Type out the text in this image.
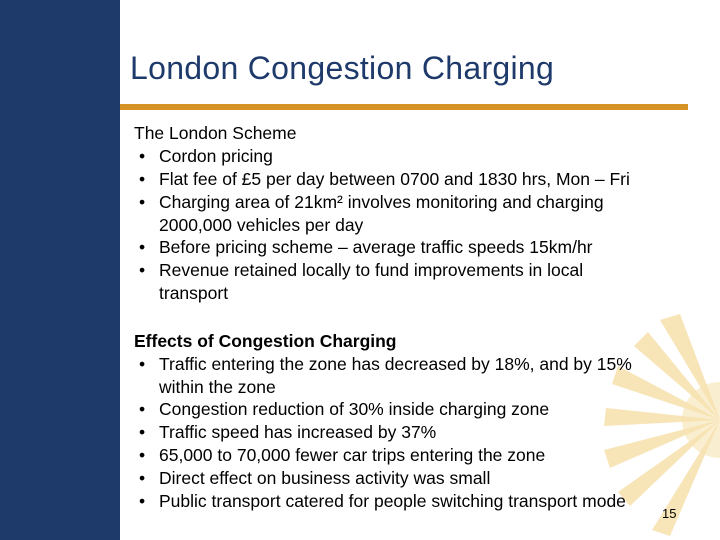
London Congestion Charging

The London Scheme

• Cordon pricing
• Flat fee of £5 per day between 0700 and 1830 hrs, Mon – Fri
• Charging area of 21km² involves monitoring and charging
2000,000 vehicles per day
• Before pricing scheme – average traffic speeds 15km/hr
• Revenue retained locally to fund improvements in local
transport

Effects of Congestion Charging

• Traffic entering the zone has decreased by 18%, and by 15%
within the zone
• Congestion reduction of 30% inside charging zone
• Traffic speed has increased by 37%
• 65,000 to 70,000 fewer car trips entering the zone
• Direct effect on business activity was small
• Public transport catered for people switching transport mode
15
